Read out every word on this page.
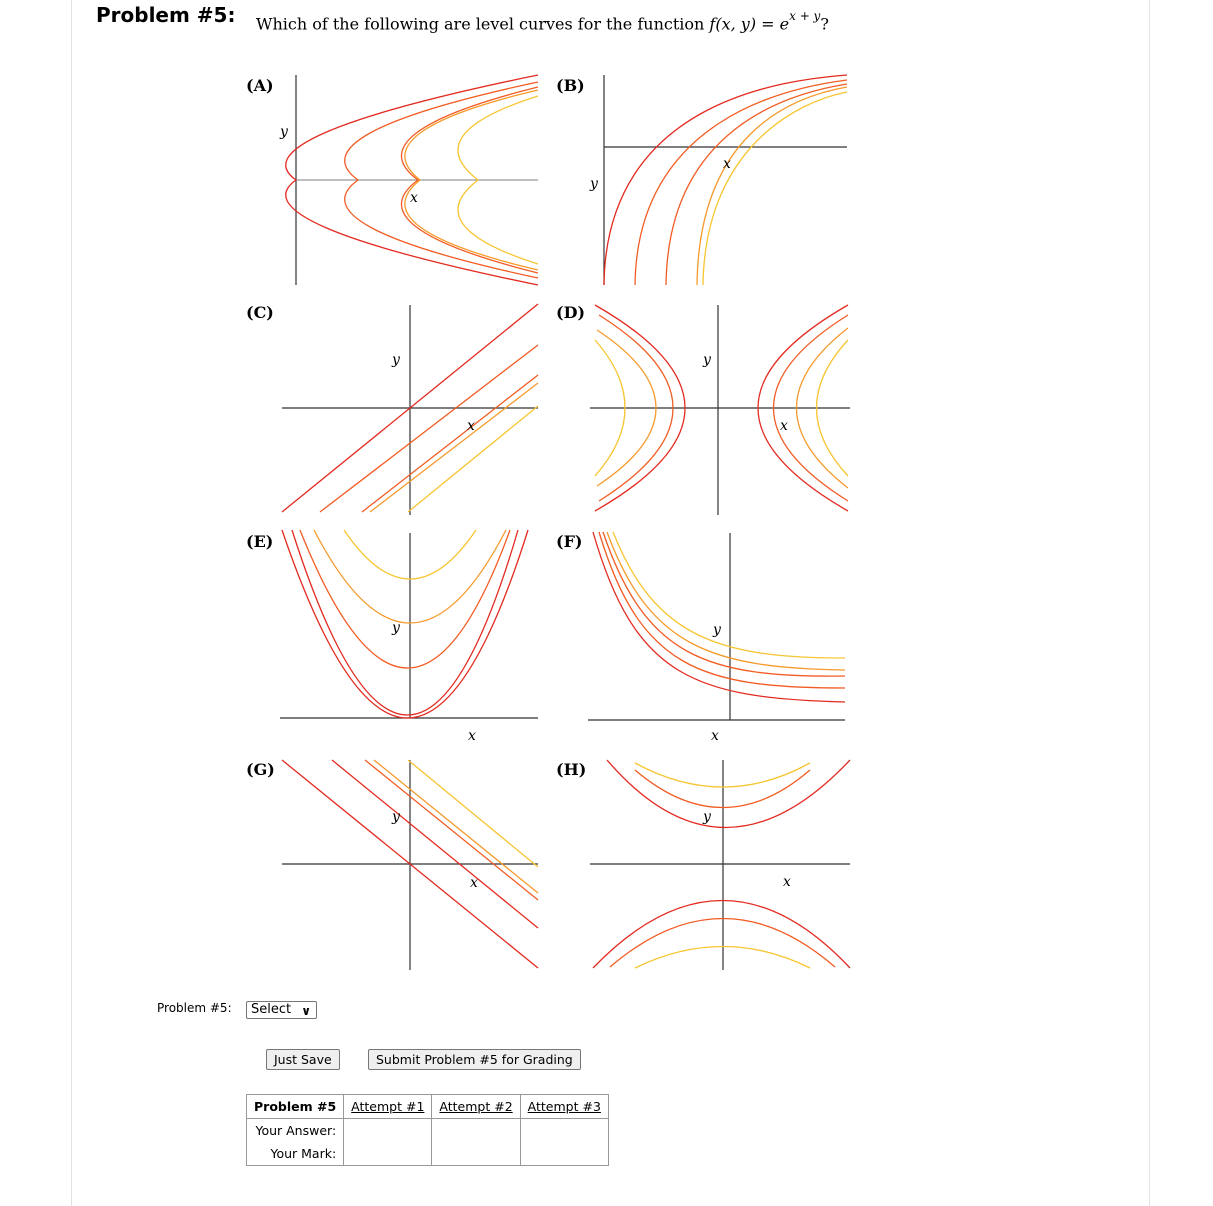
Problem #5: Which of the following are level curves for the function f(x, $y) = e^{x + y}$?
(A)	(B)
(C)	(D)
(E)	(F)
(G)	(H)
y
x
y
x
y
x
y
x
y
x
y
x
y
x
y
x
Problem #5:	Select ∨
Just Save	Submit Problem #5 for Grading
Problem #5	Attempt #1	Attempt #2	Attempt #3
Your Answer:			
Your Mark:			
